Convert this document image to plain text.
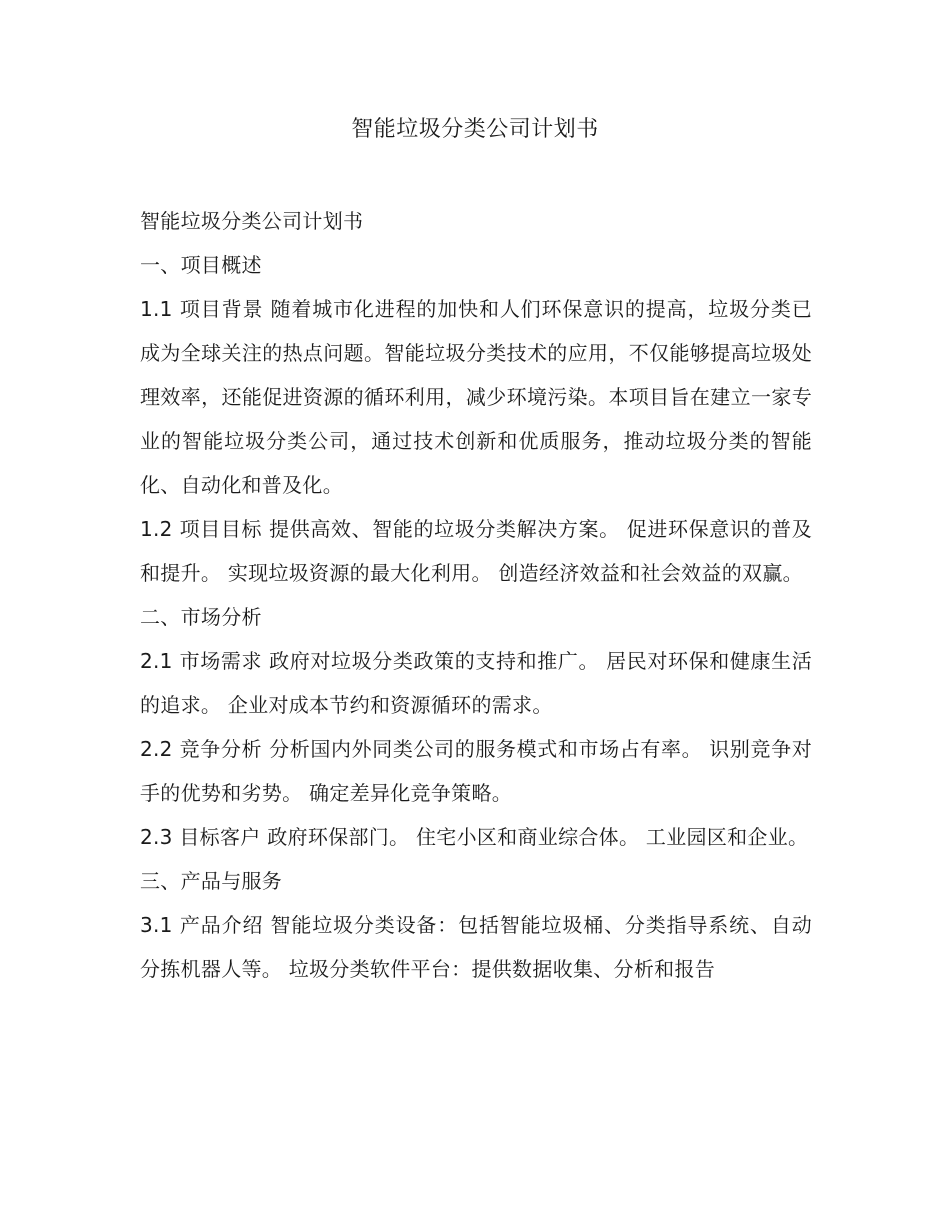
智能垃圾分类公司计划书

智能垃圾分类公司计划书

一、项目概述

1.1 项目背景 随着城市化进程的加快和人们环保意识的提高，垃圾分类已成为全球关注的热点问题。智能垃圾分类技术的应用，不仅能够提高垃圾处理效率，还能促进资源的循环利用，减少环境污染。本项目旨在建立一家专业的智能垃圾分类公司，通过技术创新和优质服务，推动垃圾分类的智能化、自动化和普及化。

1.2 项目目标 提供高效、智能的垃圾分类解决方案。 促进环保意识的普及和提升。 实现垃圾资源的最大化利用。 创造经济效益和社会效益的双赢。

二、市场分析

2.1 市场需求 政府对垃圾分类政策的支持和推广。 居民对环保和健康生活的追求。 企业对成本节约和资源循环的需求。

2.2 竞争分析 分析国内外同类公司的服务模式和市场占有率。 识别竞争对手的优势和劣势。 确定差异化竞争策略。

2.3 目标客户 政府环保部门。 住宅小区和商业综合体。 工业园区和企业。

三、产品与服务

3.1 产品介绍 智能垃圾分类设备：包括智能垃圾桶、分类指导系统、自动分拣机器人等。 垃圾分类软件平台：提供数据收集、分析和报告
